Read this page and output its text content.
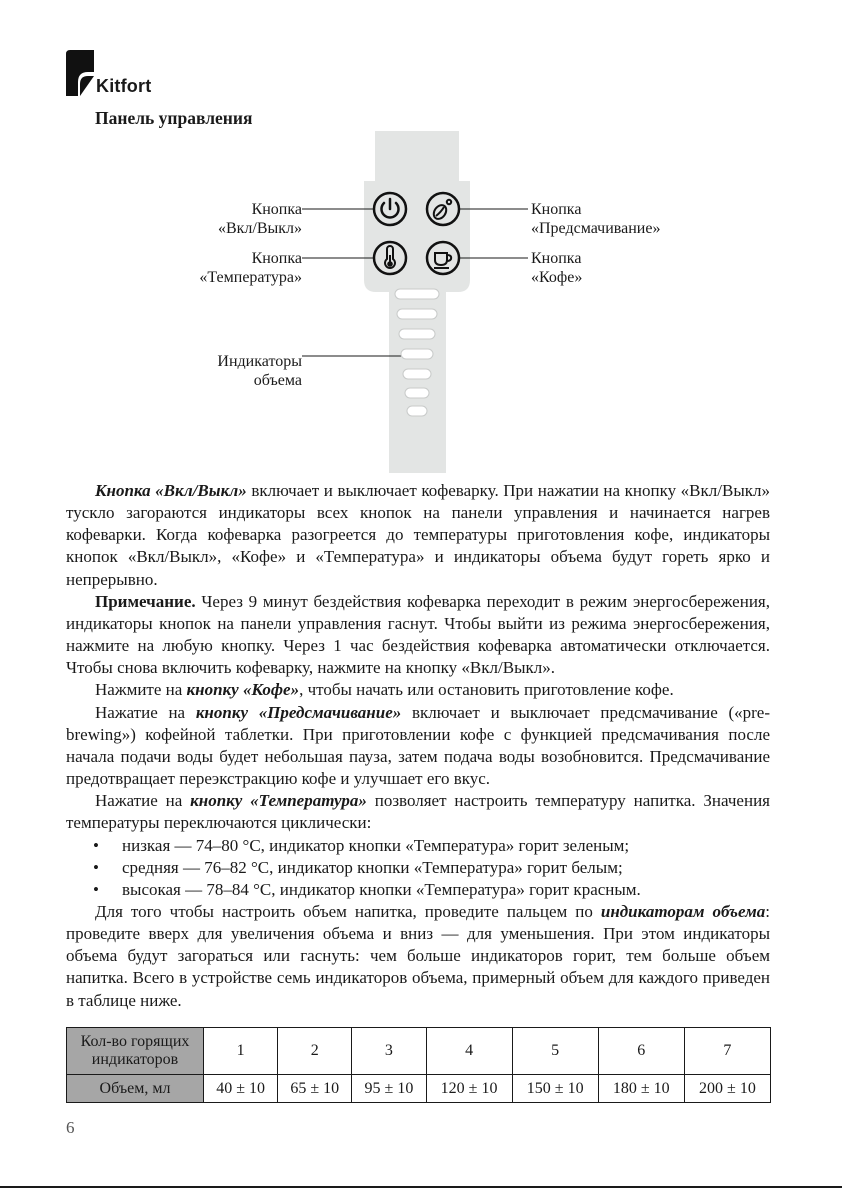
Kitfort
Панель управления
Кнопка
«Вкл/Выкл»
Кнопка
«Температура»
Кнопка
«Предсмачивание»
Кнопка
«Кофе»
Индикаторы
объема

Кнопка «Вкл/Выкл» включает и выключает кофеварку. При нажатии на кнопку «Вкл/Выкл» тускло загораются индикаторы всех кнопок на панели управления и начинается нагрев кофеварки. Когда кофеварка разогреется до температуры приготовления кофе, индикаторы кнопок «Вкл/Выкл», «Кофе» и «Температура» и индикаторы объема будут гореть ярко и непрерывно.

Примечание. Через 9 минут бездействия кофеварка переходит в режим энергосбережения, индикаторы кнопок на панели управления гаснут. Чтобы выйти из режима энергосбережения, нажмите на любую кнопку. Через 1 час бездействия кофеварка автоматически отключается. Чтобы снова включить кофеварку, нажмите на кнопку «Вкл/Выкл».

Нажмите на кнопку «Кофе», чтобы начать или остановить приготовление кофе.

Нажатие на кнопку «Предсмачивание» включает и выключает предсмачивание («pre-brewing») кофейной таблетки. При приготовлении кофе с функцией предсмачивания после начала подачи воды будет небольшая пауза, затем подача воды возобновится. Предсмачивание предотвращает переэкстракцию кофе и улучшает его вкус.

Нажатие на кнопку «Температура» позволяет настроить температуру напитка. Значения температуры переключаются циклически:

• низкая — 74–80 °С, индикатор кнопки «Температура» горит зеленым;
• средняя — 76–82 °С, индикатор кнопки «Температура» горит белым;
• высокая — 78–84 °С, индикатор кнопки «Температура» горит красным.

Для того чтобы настроить объем напитка, проведите пальцем по индикаторам объема: проведите вверх для увеличения объема и вниз — для уменьшения. При этом индикаторы объема будут загораться или гаснуть: чем больше индикаторов горит, тем больше объем напитка. Всего в устройстве семь индикаторов объема, примерный объем для каждого приведен в таблице ниже.

Кол-во горящих индикаторов	1	2	3	4	5	6	7
Объем, мл	40 ± 10	65 ± 10	95 ± 10	120 ± 10	150 ± 10	180 ± 10	200 ± 10
6
